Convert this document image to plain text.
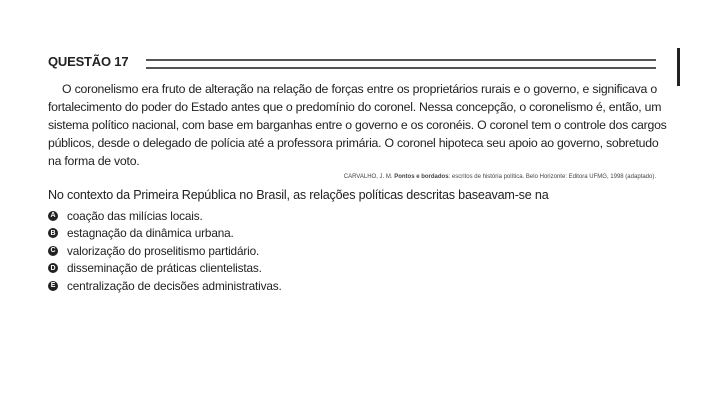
QUESTÃO 17
O coronelismo era fruto de alteração na relação de forças entre os proprietários rurais e o governo, e significava o
fortalecimento do poder do Estado antes que o predomínio do coronel. Nessa concepção, o coronelismo é, então, um
sistema político nacional, com base em barganhas entre o governo e os coronéis. O coronel tem o controle dos cargos
públicos, desde o delegado de polícia até a professora primária. O coronel hipoteca seu apoio ao governo, sobretudo
na forma de voto.
CARVALHO, J. M. Pontos e bordados: escritos de história política. Belo Horizonte: Editora UFMG, 1998 (adaptado).
No contexto da Primeira República no Brasil, as relações políticas descritas baseavam-se na
A coação das milícias locais.
B estagnação da dinâmica urbana.
C valorização do proselitismo partidário.
D disseminação de práticas clientelistas.
E centralização de decisões administrativas.
